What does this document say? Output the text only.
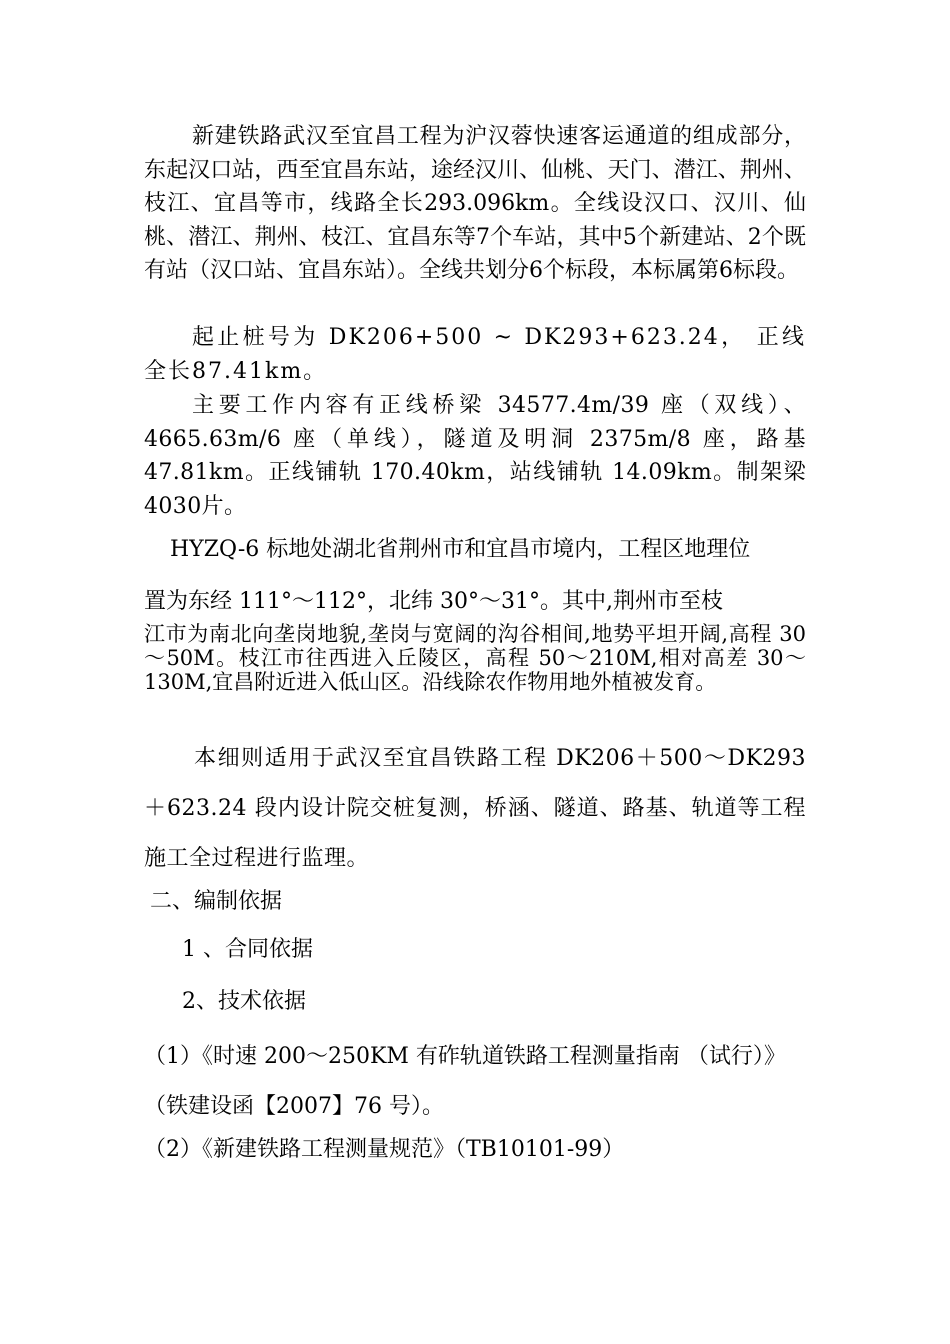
新建铁路武汉至宜昌工程为沪汉蓉快速客运通道的组成部分，东起汉口站，西至宜昌东站，途经汉川、仙桃、天门、潜江、荆州、枝江、宜昌等市，线路全长293.096km。全线设汉口、汉川、仙桃、潜江、荆州、枝江、宜昌东等7个车站，其中5个新建站、2个既有站（汉口站、宜昌东站）。全线共划分6个标段，本标属第6标段。

起止桩号为 DK206+500 ~ DK293+623.24， 正线全长87.41km。

主要工作内容有正线桥梁 34577.4m/39 座（双线）、4665.63m/6 座（单线），隧道及明洞 2375m/8 座，路基47.81km。正线铺轨 170.40km，站线铺轨 14.09km。制架梁 4030片。

HYZQ-6 标地处湖北省荆州市和宜昌市境内，工程区地理位

置为东经 111°～112°，北纬 30°～31°。其中,荆州市至枝

江市为南北向垄岗地貌,垄岗与宽阔的沟谷相间,地势平坦开阔,高程 30～50M。枝江市往西进入丘陵区，高程 50～210M,相对高差 30～130M,宜昌附近进入低山区。沿线除农作物用地外植被发育。

本细则适用于武汉至宜昌铁路工程 DK206＋500～DK293＋623.24 段内设计院交桩复测，桥涵、隧道、路基、轨道等工程施工全过程进行监理。

二、编制依据

1 、合同依据

2、技术依据

（1）《时速 200～250KM 有砟轨道铁路工程测量指南 （试行）》（铁建设函【2007】76 号）。

（2）《新建铁路工程测量规范》（TB10101-99）
